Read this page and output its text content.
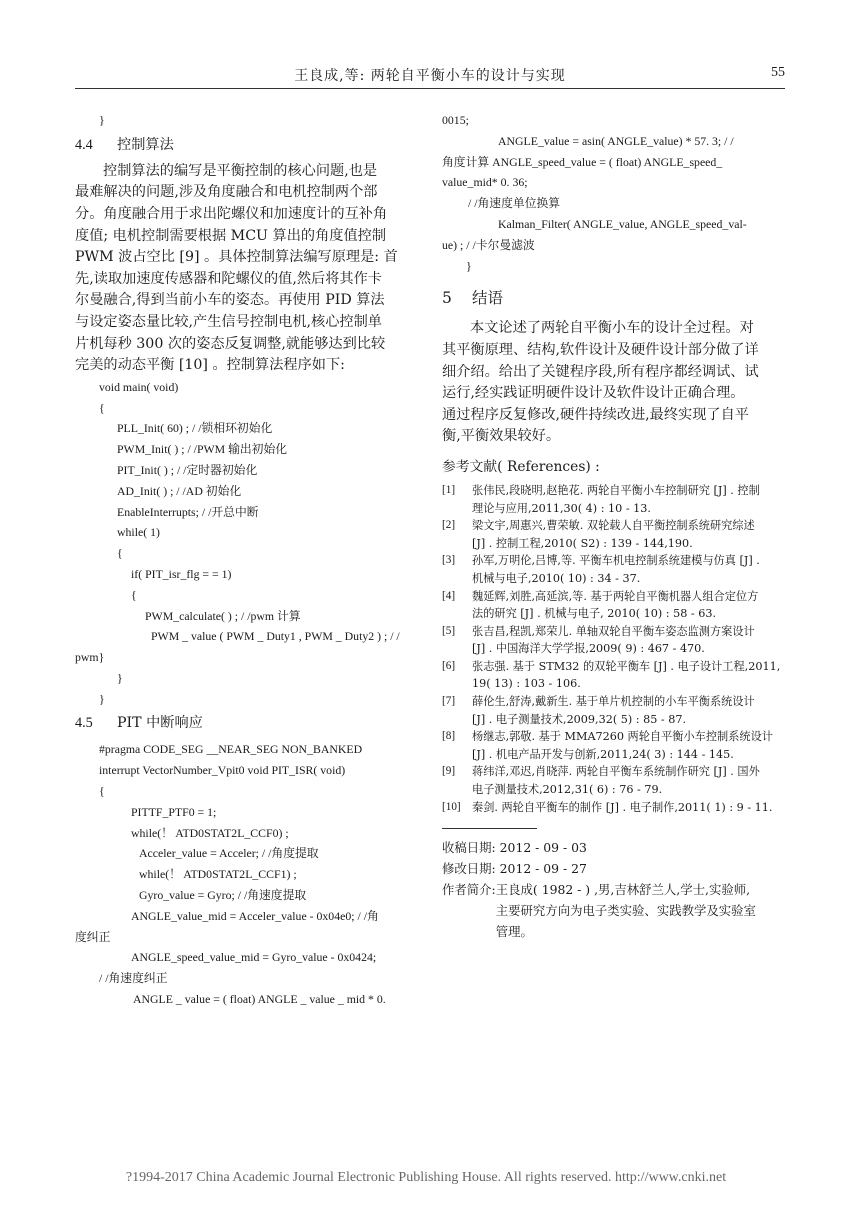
王良成,等: 两轮自平衡小车的设计与实现	55
}
4.4 控制算法
控制算法的编写是平衡控制的核心问题,也是
最难解决的问题,涉及角度融合和电机控制两个部
分。角度融合用于求出陀螺仪和加速度计的互补角
度值; 电机控制需要根据 MCU 算出的角度值控制
PWM 波占空比 [9] 。具体控制算法编写原理是: 首
先,读取加速度传感器和陀螺仪的值,然后将其作卡
尔曼融合,得到当前小车的姿态。再使用 PID 算法
与设定姿态量比较,产生信号控制电机,核心控制单
片机每秒 300 次的姿态反复调整,就能够达到比较
完美的动态平衡 [10] 。控制算法程序如下:
void main( void)
{
PLL_Init( 60) ; / /锁相环初始化
PWM_Init( ) ; / /PWM 输出初始化
PIT_Init( ) ; / /定时器初始化
AD_Init( ) ; / /AD 初始化
EnableInterrupts; / /开总中断
while( 1)
{
if( PIT_isr_flg = = 1)
{
PWM_calculate( ) ; / /pwm 计算
PWM _ value ( PWM _ Duty1 , PWM _ Duty2 ) ; / /
pwm}
}
}
4.5 PIT 中断响应
#pragma CODE_SEG __NEAR_SEG NON_BANKED
interrupt VectorNumber_Vpit0 void PIT_ISR( void)
{
PITTF_PTF0 = 1;
while(！ ATD0STAT2L_CCF0) ;
Acceler_value = Acceler; / /角度提取
while(！ ATD0STAT2L_CCF1) ;
Gyro_value = Gyro; / /角速度提取
ANGLE_value_mid = Acceler_value - 0x04e0; / /角
度纠正
ANGLE_speed_value_mid = Gyro_value - 0x0424;
/ /角速度纠正
ANGLE _ value = ( float) ANGLE _ value _ mid * 0.
0015;
ANGLE_value = asin( ANGLE_value) * 57. 3; / /
角度计算 ANGLE_speed_value = ( float) ANGLE_speed_
value_mid* 0. 36;
/ /角速度单位换算
Kalman_Filter( ANGLE_value, ANGLE_speed_val-
ue) ; / /卡尔曼滤波
}
5 结语
本文论述了两轮自平衡小车的设计全过程。对
其平衡原理、结构,软件设计及硬件设计部分做了详
细介绍。给出了关键程序段,所有程序都经调试、试
运行,经实践证明硬件设计及软件设计正确合理。
通过程序反复修改,硬件持续改进,最终实现了自平
衡,平衡效果较好。
参考文献( References) :
[1]	张伟民,段晓明,赵艳花. 两轮自平衡小车控制研究 [J] . 控制
理论与应用,2011,30( 4) : 10 - 13.
[2]	梁文宇,周惠兴,曹荣敏. 双轮载人自平衡控制系统研究综述
[J] . 控制工程,2010( S2) : 139 - 144,190.
[3]	孙军,万明伦,吕博,等. 平衡车机电控制系统建模与仿真 [J] .
机械与电子,2010( 10) : 34 - 37.
[4]	魏延辉,刘胜,高延滨,等. 基于两轮自平衡机器人组合定位方
法的研究 [J] . 机械与电子, 2010( 10) : 58 - 63.
[5]	张吉昌,程凯,郑荣儿. 单轴双轮自平衡车姿态监测方案设计
[J] . 中国海洋大学学报,2009( 9) : 467 - 470.
[6]	张志强. 基于 STM32 的双轮平衡车 [J] . 电子设计工程,2011,
19( 13) : 103 - 106.
[7]	薛伦生,舒涛,戴新生. 基于单片机控制的小车平衡系统设计
[J] . 电子测量技术,2009,32( 5) : 85 - 87.
[8]	杨继志,郭敬. 基于 MMA7260 两轮自平衡小车控制系统设计
[J] . 机电产品开发与创新,2011,24( 3) : 144 - 145.
[9]	蒋纬洋,邓迟,肖晓萍. 两轮自平衡车系统制作研究 [J] . 国外
电子测量技术,2012,31( 6) : 76 - 79.
[10]	秦剑. 两轮自平衡车的制作 [J] . 电子制作,2011( 1) : 9 - 11.
收稿日期: 2012 - 09 - 03
修改日期: 2012 - 09 - 27
作者简介: 王良成( 1982 - ) ,男,吉林舒兰人,学士,实验师,
主要研究方向为电子类实验、实践教学及实验室
管理。
?1994-2017 China Academic Journal Electronic Publishing House. All rights reserved. http://www.cnki.net
